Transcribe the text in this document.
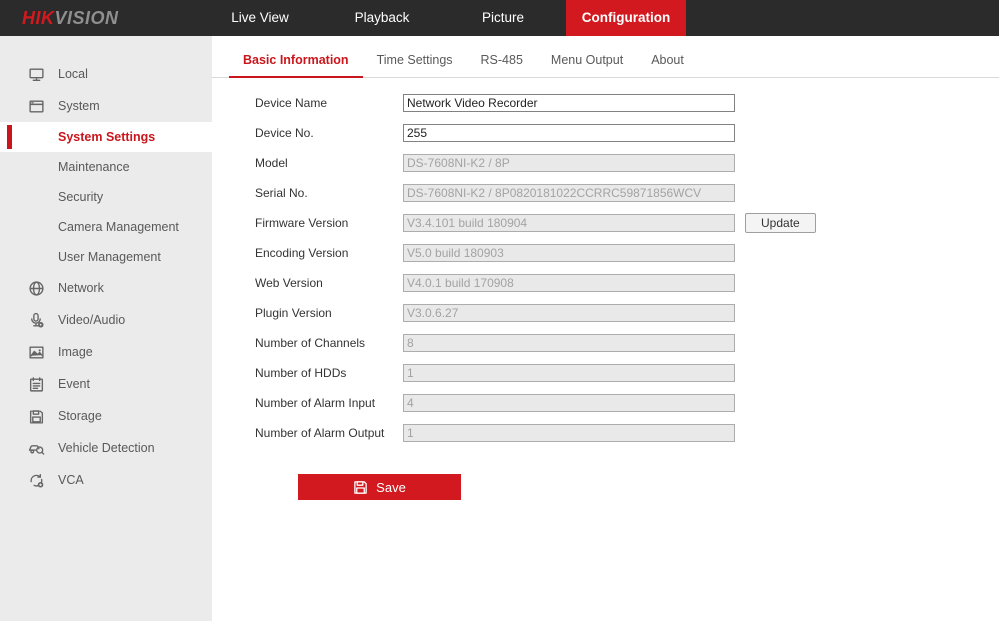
HIKVISION	Live View	Playback	Picture	Configuration
Local
System
System Settings
Maintenance
Security
Camera Management
User Management
Network
Video/Audio
Image
Event
Storage
Vehicle Detection
VCA
Basic Information	Time Settings	RS-485	Menu Output	About
Device Name
Network Video Recorder
Device No.
255
Model
DS-7608NI-K2 / 8P
Serial No.
DS-7608NI-K2 / 8P0820181022CCRRC59871856WCV
Firmware Version
V3.4.101 build 180904	Update
Encoding Version
V5.0 build 180903
Web Version
V4.0.1 build 170908
Plugin Version
V3.0.6.27
Number of Channels
8
Number of HDDs
1
Number of Alarm Input
4
Number of Alarm Output
1
Save
